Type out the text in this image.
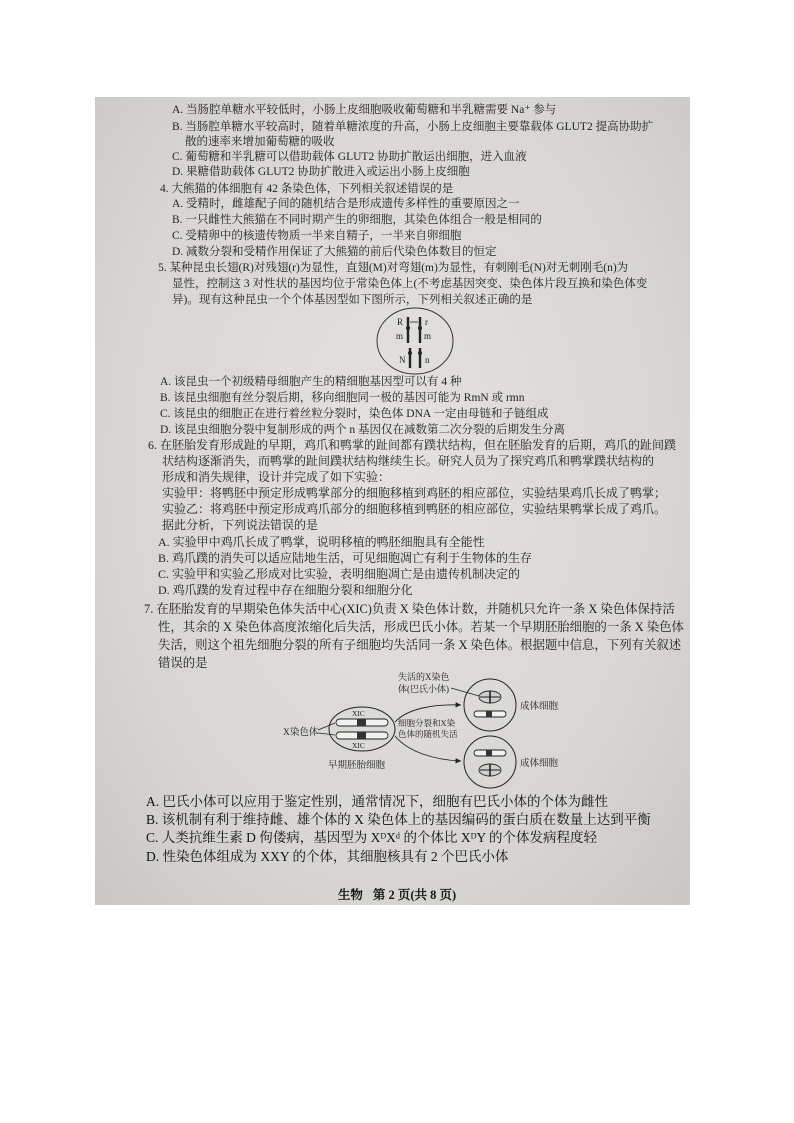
A. 当肠腔单糖水平较低时，小肠上皮细胞吸收葡萄糖和半乳糖需要 Na⁺ 参与
B. 当肠腔单糖水平较高时，随着单糖浓度的升高，小肠上皮细胞主要靠载体 GLUT2 提高协助扩
散的速率来增加葡萄糖的吸收
C. 葡萄糖和半乳糖可以借助载体 GLUT2 协助扩散运出细胞，进入血液
D. 果糖借助载体 GLUT2 协助扩散进入或运出小肠上皮细胞
4. 大熊猫的体细胞有 42 条染色体，下列相关叙述错误的是
A. 受精时，雌雄配子间的随机结合是形成遗传多样性的重要原因之一
B. 一只雌性大熊猫在不同时期产生的卵细胞，其染色体组合一般是相同的
C. 受精卵中的核遗传物质一半来自精子，一半来自卵细胞
D. 减数分裂和受精作用保证了大熊猫的前后代染色体数目的恒定
5. 某种昆虫长翅(R)对残翅(r)为显性，直翅(M)对弯翅(m)为显性，有刺刚毛(N)对无刺刚毛(n)为
显性，控制这 3 对性状的基因均位于常染色体上(不考虑基因突变、染色体片段互换和染色体变
异)。现有这种昆虫一个个体基因型如下图所示，下列相关叙述正确的是
R r
m m
N n
A. 该昆虫一个初级精母细胞产生的精细胞基因型可以有 4 种
B. 该昆虫细胞有丝分裂后期，移向细胞同一极的基因可能为 RmN 或 rmn
C. 该昆虫的细胞正在进行着丝粒分裂时，染色体 DNA 一定由母链和子链组成
D. 该昆虫细胞分裂中复制形成的两个 n 基因仅在减数第二次分裂的后期发生分离
6. 在胚胎发育形成趾的早期，鸡爪和鸭掌的趾间都有蹼状结构，但在胚胎发育的后期，鸡爪的趾间蹼
状结构逐渐消失，而鸭掌的趾间蹼状结构继续生长。研究人员为了探究鸡爪和鸭掌蹼状结构的
形成和消失规律，设计并完成了如下实验：
实验甲：将鸭胚中预定形成鸭掌部分的细胞移植到鸡胚的相应部位，实验结果鸡爪长成了鸭掌；
实验乙：将鸡胚中预定形成鸡爪部分的细胞移植到鸭胚的相应部位，实验结果鸭掌长成了鸡爪。
据此分析，下列说法错误的是
A. 实验甲中鸡爪长成了鸭掌，说明移植的鸭胚细胞具有全能性
B. 鸡爪蹼的消失可以适应陆地生活，可见细胞凋亡有利于生物体的生存
C. 实验甲和实验乙形成对比实验，表明细胞凋亡是由遗传机制决定的
D. 鸡爪蹼的发育过程中存在细胞分裂和细胞分化
7. 在胚胎发育的早期染色体失活中心(XIC)负责 X 染色体计数，并随机只允许一条 X 染色体保持活
性，其余的 X 染色体高度浓缩化后失活，形成巴氏小体。若某一个早期胚胎细胞的一条 X 染色体
失活，则这个祖先细胞分裂的所有子细胞均失活同一条 X 染色体。根据题中信息，下列有关叙述
错误的是
X染色体
XIC
XIC
早期胚胎细胞
细胞分裂和X染
色体的随机失活
失活的X染色
体(巴氏小体)
成体细胞
成体细胞
A. 巴氏小体可以应用于鉴定性别，通常情况下，细胞有巴氏小体的个体为雌性
B. 该机制有利于维持雌、雄个体的 X 染色体上的基因编码的蛋白质在数量上达到平衡
C. 人类抗维生素 D 佝偻病，基因型为 XᴰXᵈ 的个体比 XᴰY 的个体发病程度轻
D. 性染色体组成为 XXY 的个体，其细胞核具有 2 个巴氏小体
生物 第 2 页(共 8 页)
